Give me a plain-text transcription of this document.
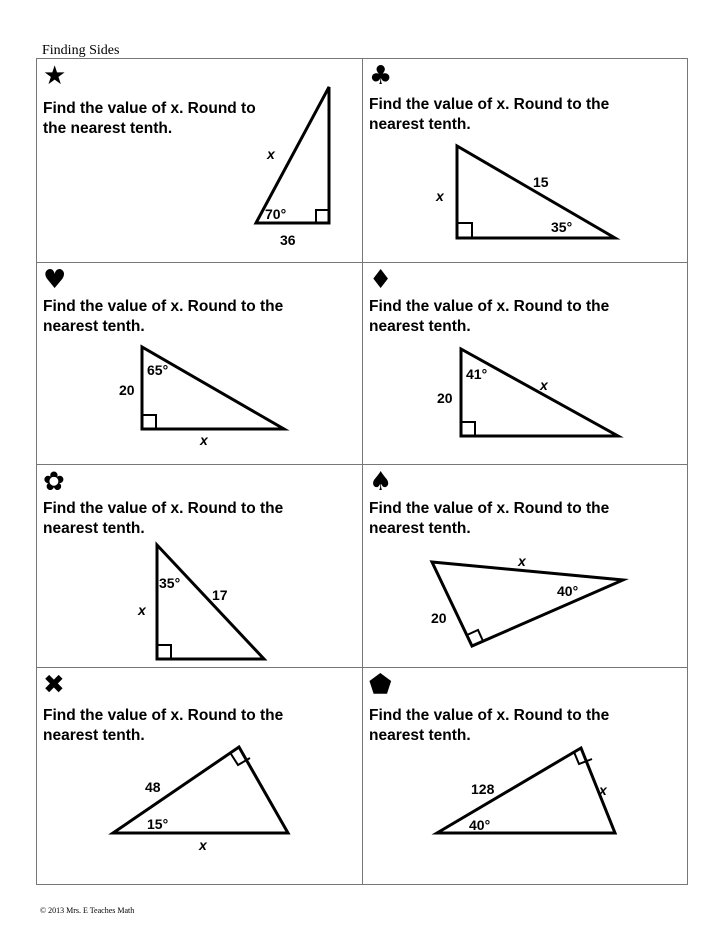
Finding Sides
★
Find the value of x. Round to
the nearest tenth.
x
70°
36
♣
Find the value of x. Round to the
nearest tenth.
x
15
35°
♥
Find the value of x. Round to the
nearest tenth.
20
65°
x
♦
Find the value of x. Round to the
nearest tenth.
20
41°
x
✿
Find the value of x. Round to the
nearest tenth.
x
35°
17
♠
Find the value of x. Round to the
nearest tenth.
x
40°
20
✖
Find the value of x. Round to the
nearest tenth.
48
15°
x
⬟
Find the value of x. Round to the
nearest tenth.
128	x
40°
© 2013 Mrs. E Teaches Math
